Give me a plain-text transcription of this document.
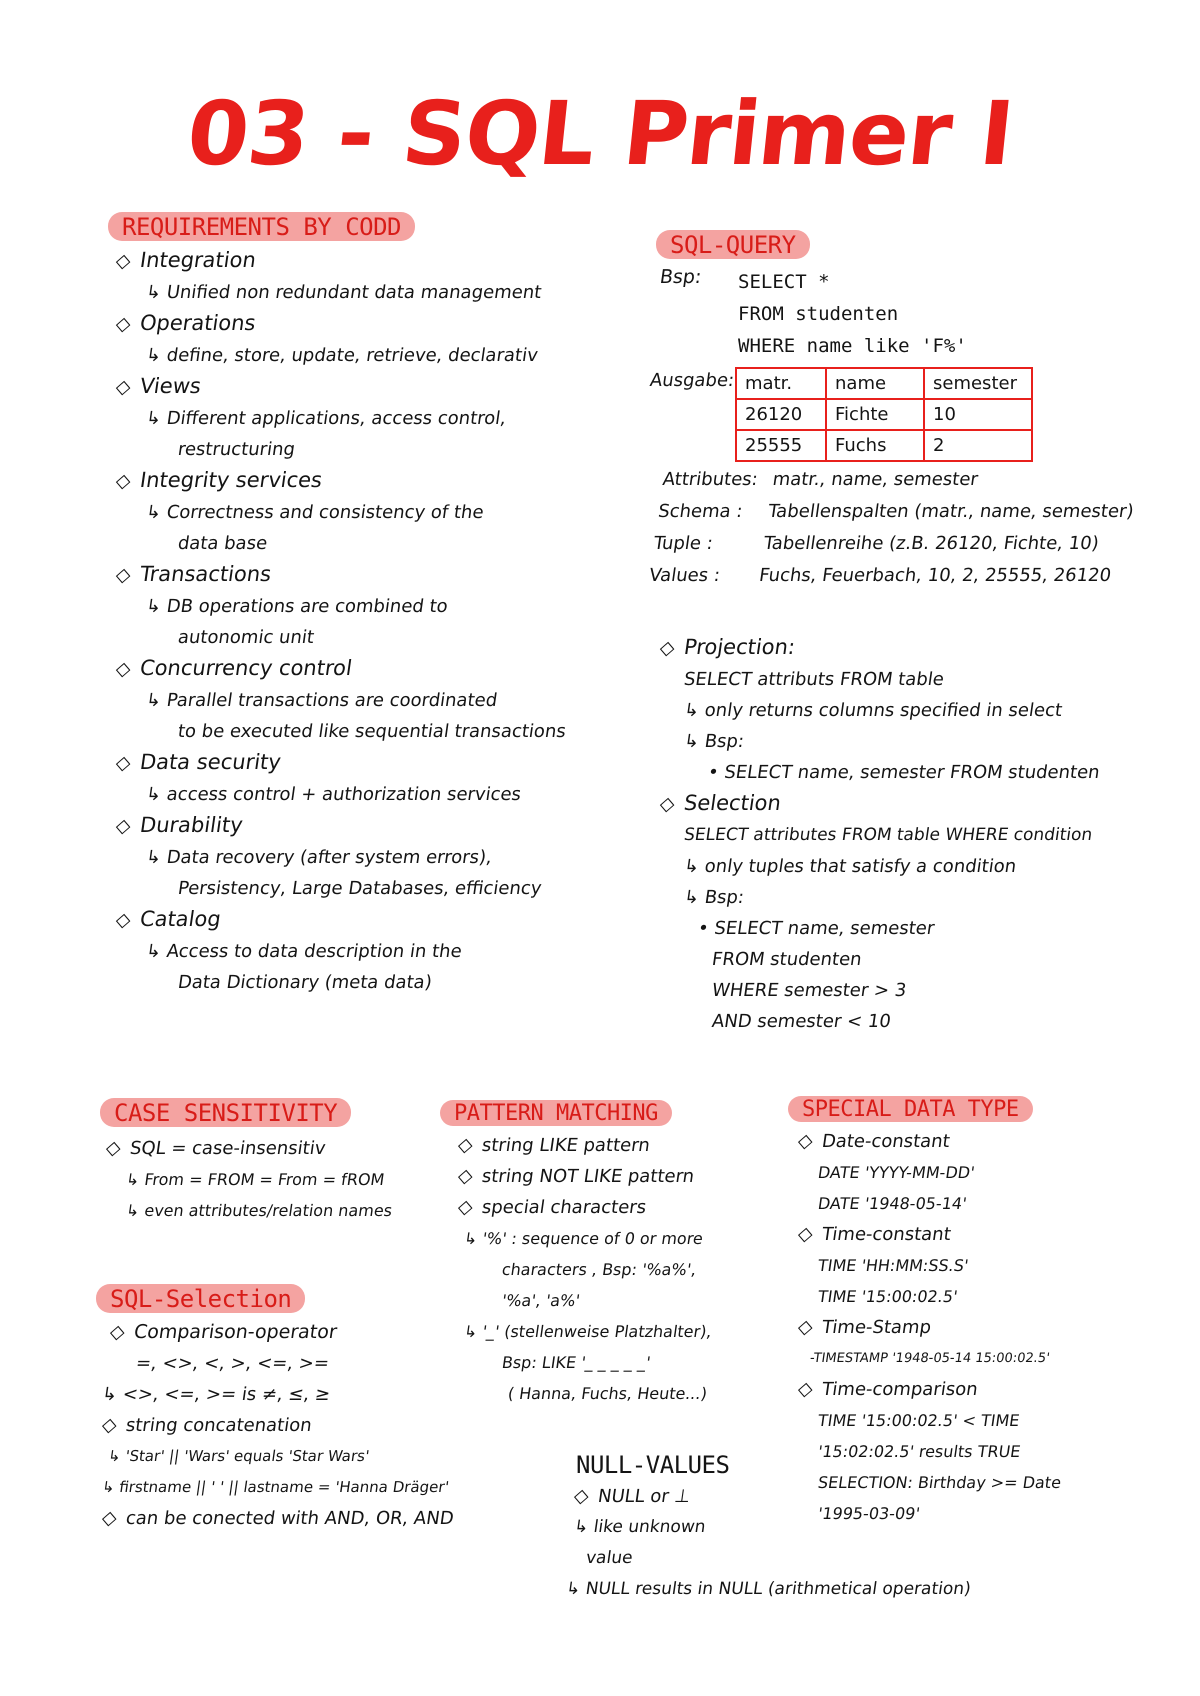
03 - SQL Primer I
REQUIREMENTS BY CODD
◇ Integration
↳ Unified non redundant data management
◇ Operations
↳ define, store, update, retrieve, declarativ
◇ Views
↳ Different applications, access control,
restructuring
◇ Integrity services
↳ Correctness and consistency of the
data base
◇ Transactions
↳ DB operations are combined to
autonomic unit
◇ Concurrency control
↳ Parallel transactions are coordinated
to be executed like sequential transactions
◇ Data security
↳ access control + authorization services
◇ Durability
↳ Data recovery (after system errors),
Persistency, Large Databases, efficiency
◇ Catalog
↳ Access to data description in the
Data Dictionary (meta data)
SQL-QUERY
Bsp: SELECT *
FROM studenten
WHERE name like 'F%'
Ausgabe: matr.	name	semester
26120	Fichte	10
25555	Fuchs	2
Attributes: matr., name, semester
Schema : Tabellenspalten (matr., name, semester)
Tuple :	Tabellenreihe (z.B. 26120, Fichte, 10)
Values : Fuchs, Feuerbach, 10, 2, 25555, 26120
◇ Projection:
SELECT attributs FROM table
↳ only returns columns specified in select
↳ Bsp:
• SELECT name, semester FROM studenten
◇ Selection
SELECT attributes FROM table WHERE condition
↳ only tuples that satisfy a condition
↳ Bsp:
• SELECT name, semester
FROM studenten
WHERE semester > 3
AND semester < 10
CASE SENSITIVITY
◇ SQL = case-insensitiv
↳ From = FROM = From = fROM
↳ even attributes/relation names
SQL-Selection
◇ Comparison-operator
=, <>, <, >, <=, >=
↳ <>, <=, >= is ≠, ≤, ≥
◇ string concatenation
↳ 'Star' || 'Wars' equals 'Star Wars'
↳ firstname || ' ' || lastname = 'Hanna Dräger'
◇ can be conected with AND, OR, AND
PATTERN MATCHING
◇ string LIKE pattern
◇ string NOT LIKE pattern
◇ special characters
↳ '%' : sequence of 0 or more
characters , Bsp: '%a%',
'%a', 'a%'
↳ '_' (stellenweise Platzhalter),
Bsp: LIKE '_ _ _ _ _'
( Hanna, Fuchs, Heute...)
NULL-VALUES
◇ NULL or ⊥
↳ like unknown
value
↳ NULL results in NULL (arithmetical operation)
SPECIAL DATA TYPE
◇ Date-constant
DATE 'YYYY-MM-DD'
DATE '1948-05-14'
◇ Time-constant
TIME 'HH:MM:SS.S'
TIME '15:00:02.5'
◇ Time-Stamp
-TIMESTAMP '1948-05-14 15:00:02.5'
◇ Time-comparison
TIME '15:00:02.5' < TIME
'15:02:02.5' results TRUE
SELECTION: Birthday >= Date
'1995-03-09'
